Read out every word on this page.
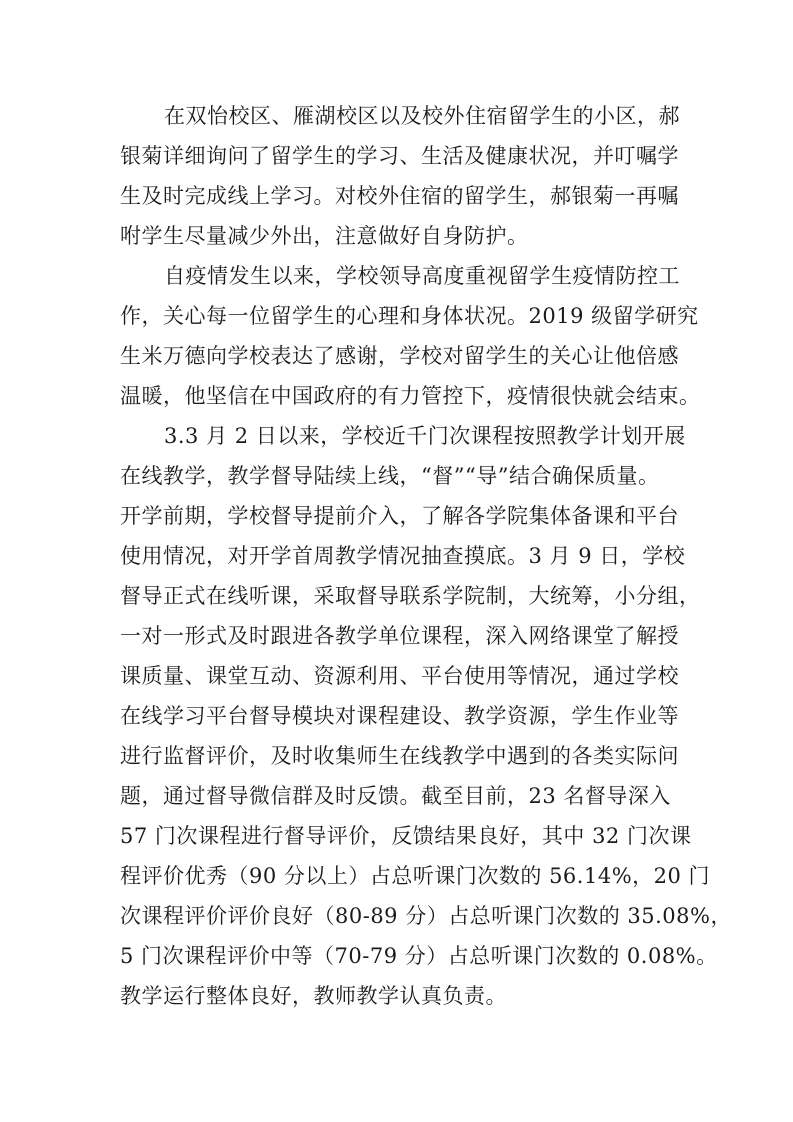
在双怡校区、雁湖校区以及校外住宿留学生的小区，郝
银菊详细询问了留学生的学习、生活及健康状况，并叮嘱学
生及时完成线上学习。对校外住宿的留学生，郝银菊一再嘱
咐学生尽量减少外出，注意做好自身防护。
自疫情发生以来，学校领导高度重视留学生疫情防控工
作，关心每一位留学生的心理和身体状况。2019 级留学研究
生米万德向学校表达了感谢，学校对留学生的关心让他倍感
温暖，他坚信在中国政府的有力管控下，疫情很快就会结束。
3.3 月 2 日以来，学校近千门次课程按照教学计划开展
在线教学，教学督导陆续上线，“督”“导”结合确保质量。
开学前期，学校督导提前介入，了解各学院集体备课和平台
使用情况，对开学首周教学情况抽查摸底。3 月 9 日，学校
督导正式在线听课，采取督导联系学院制，大统筹，小分组，
一对一形式及时跟进各教学单位课程，深入网络课堂了解授
课质量、课堂互动、资源利用、平台使用等情况，通过学校
在线学习平台督导模块对课程建设、教学资源，学生作业等
进行监督评价，及时收集师生在线教学中遇到的各类实际问
题，通过督导微信群及时反馈。截至目前，23 名督导深入
57 门次课程进行督导评价，反馈结果良好，其中 32 门次课
程评价优秀（90 分以上）占总听课门次数的 56.14%，20 门
次课程评价评价良好（80-89 分）占总听课门次数的 35.08%，
5 门次课程评价中等（70-79 分）占总听课门次数的 0.08%。
教学运行整体良好，教师教学认真负责。
